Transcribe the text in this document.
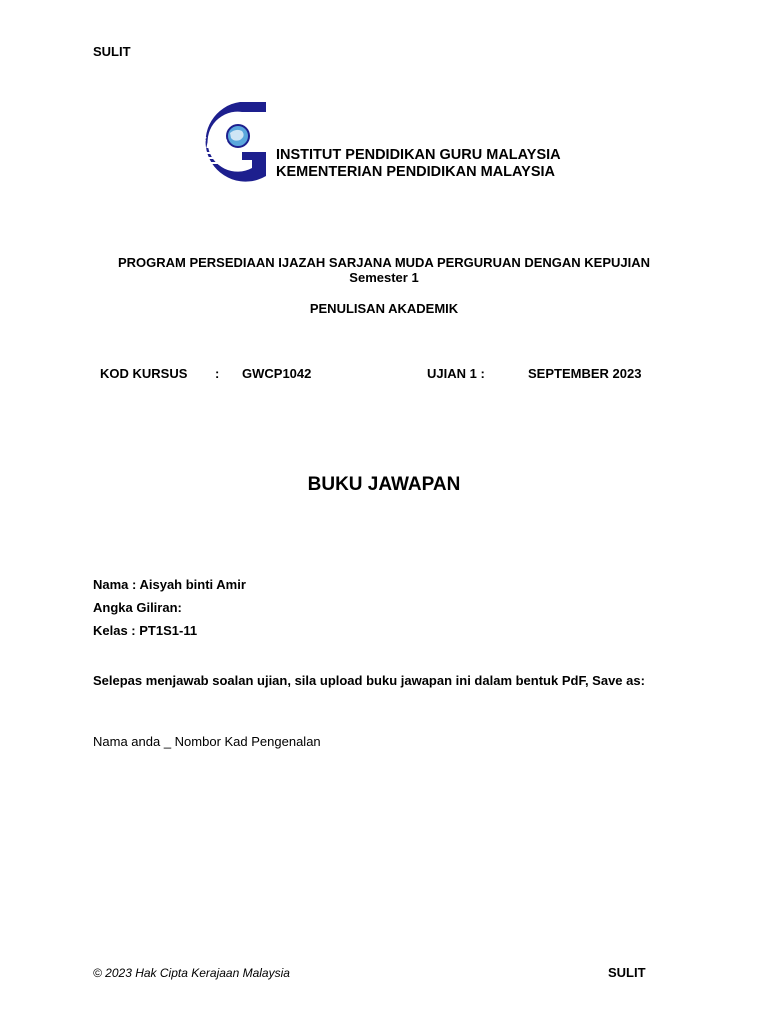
SULIT
iPG
INSTITUT PENDIDIKAN GURU MALAYSIA
KEMENTERIAN PENDIDIKAN MALAYSIA
PROGRAM PERSEDIAAN IJAZAH SARJANA MUDA PERGURUAN DENGAN KEPUJIAN
Semester 1
PENULISAN AKADEMIK
KOD KURSUS : GWCP1042	UJIAN 1 :	SEPTEMBER 2023
BUKU JAWAPAN
Nama : Aisyah binti Amir
Angka Giliran:
Kelas : PT1S1-11
Selepas menjawab soalan ujian, sila upload buku jawapan ini dalam bentuk PdF, Save as:
Nama anda _ Nombor Kad Pengenalan
© 2023 Hak Cipta Kerajaan Malaysia	SULIT
